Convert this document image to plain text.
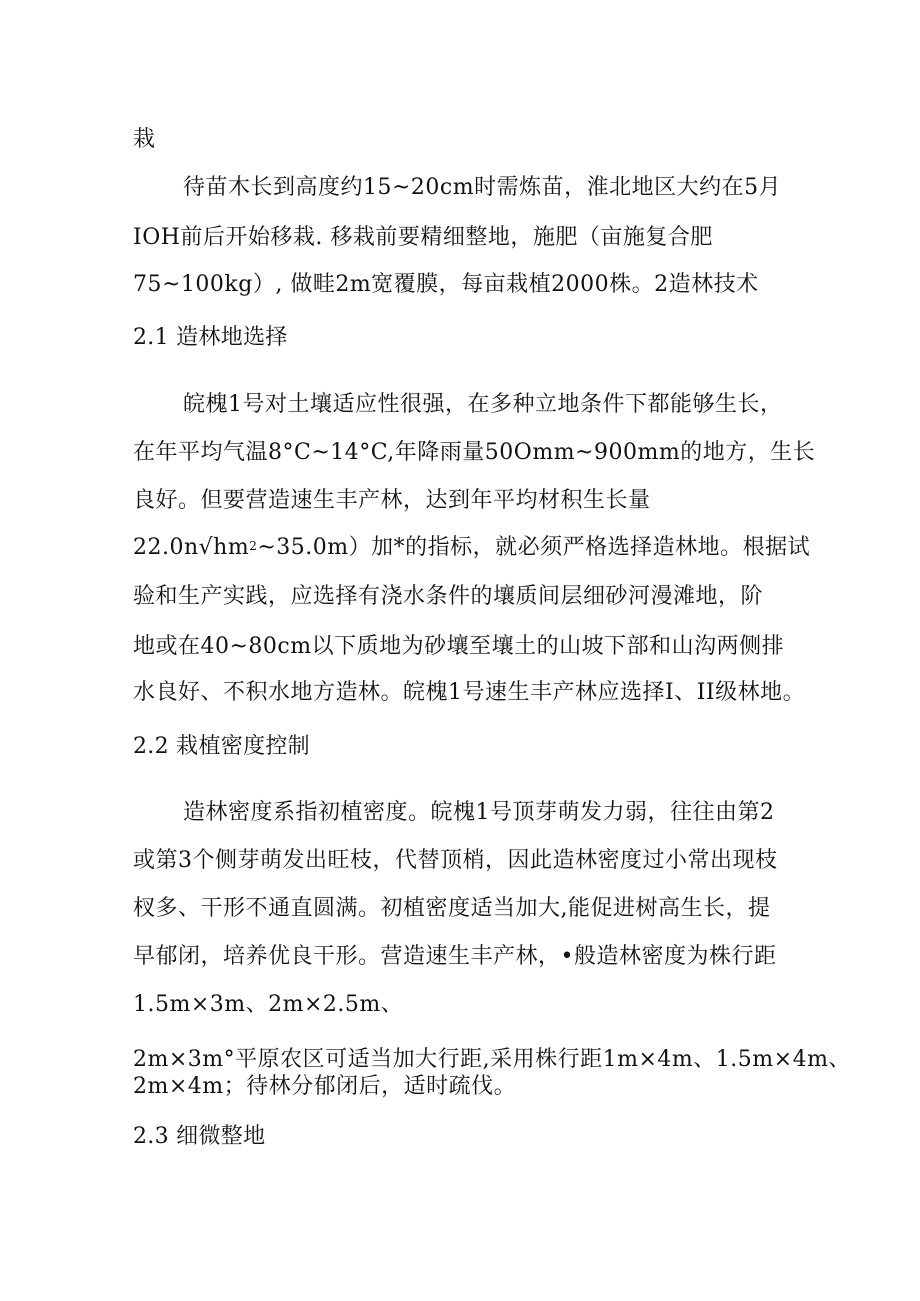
栽
待苗木长到高度约15~20cm时需炼苗，淮北地区大约在5月
IOH前后开始移栽. 移栽前要精细整地，施肥（亩施复合肥
75~100kg）, 做畦2m宽覆膜，每亩栽植2000株。2造林技术
2.1 造林地选择
皖槐1号对土壤适应性很强，在多种立地条件下都能够生长，
在年平均气温8°C~14°C,年降雨量50Omm~900mm的地方，生长
良好。但要营造速生丰产林，达到年平均材积生长量
$22.0n√hm^2\sim 35.0m$）加*的指标，就必须严格选择造林地。根据试
验和生产实践，应选择有浇水条件的壤质间层细砂河漫滩地，阶
地或在40~80cm以下质地为砂壤至壤土的山坡下部和山沟两侧排
水良好、不积水地方造林。皖槐1号速生丰产林应选择I、II级林地。
2.2 栽植密度控制
造林密度系指初植密度。皖槐1号顶芽萌发力弱，往往由第2
或第3个侧芽萌发出旺枝，代替顶梢，因此造林密度过小常出现枝
杈多、干形不通直圆满。初植密度适当加大,能促进树高生长，提
早郁闭，培养优良干形。营造速生丰产林，•般造林密度为株行距
1.5m×3m、2m×2.5m、
2m×3m°平原农区可适当加大行距,采用株行距1m×4m、1.5m×4m、
2m×4m；待林分郁闭后，适时疏伐。
2.3 细微整地
